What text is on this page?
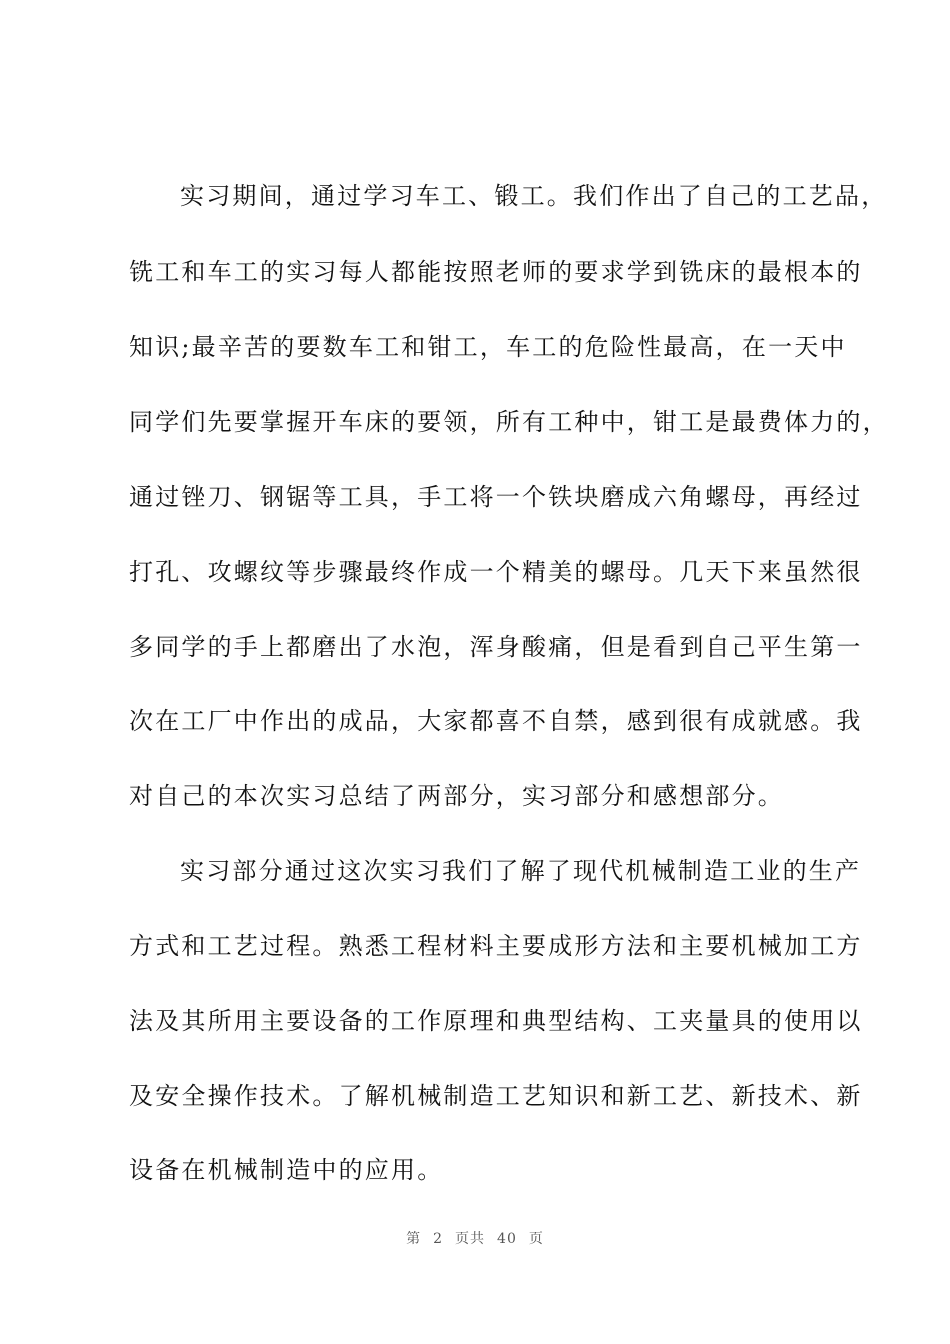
实习期间，通过学习车工、锻工。我们作出了自己的工艺品，
铣工和车工的实习每人都能按照老师的要求学到铣床的最根本的
知识;最辛苦的要数车工和钳工，车工的危险性最高，在一天中
同学们先要掌握开车床的要领，所有工种中，钳工是最费体力的，
通过锉刀、钢锯等工具，手工将一个铁块磨成六角螺母，再经过
打孔、攻螺纹等步骤最终作成一个精美的螺母。几天下来虽然很
多同学的手上都磨出了水泡，浑身酸痛，但是看到自己平生第一
次在工厂中作出的成品，大家都喜不自禁，感到很有成就感。我
对自己的本次实习总结了两部分，实习部分和感想部分。
实习部分通过这次实习我们了解了现代机械制造工业的生产
方式和工艺过程。熟悉工程材料主要成形方法和主要机械加工方
法及其所用主要设备的工作原理和典型结构、工夹量具的使用以
及安全操作技术。了解机械制造工艺知识和新工艺、新技术、新
设备在机械制造中的应用。
第 2 页共 40 页
